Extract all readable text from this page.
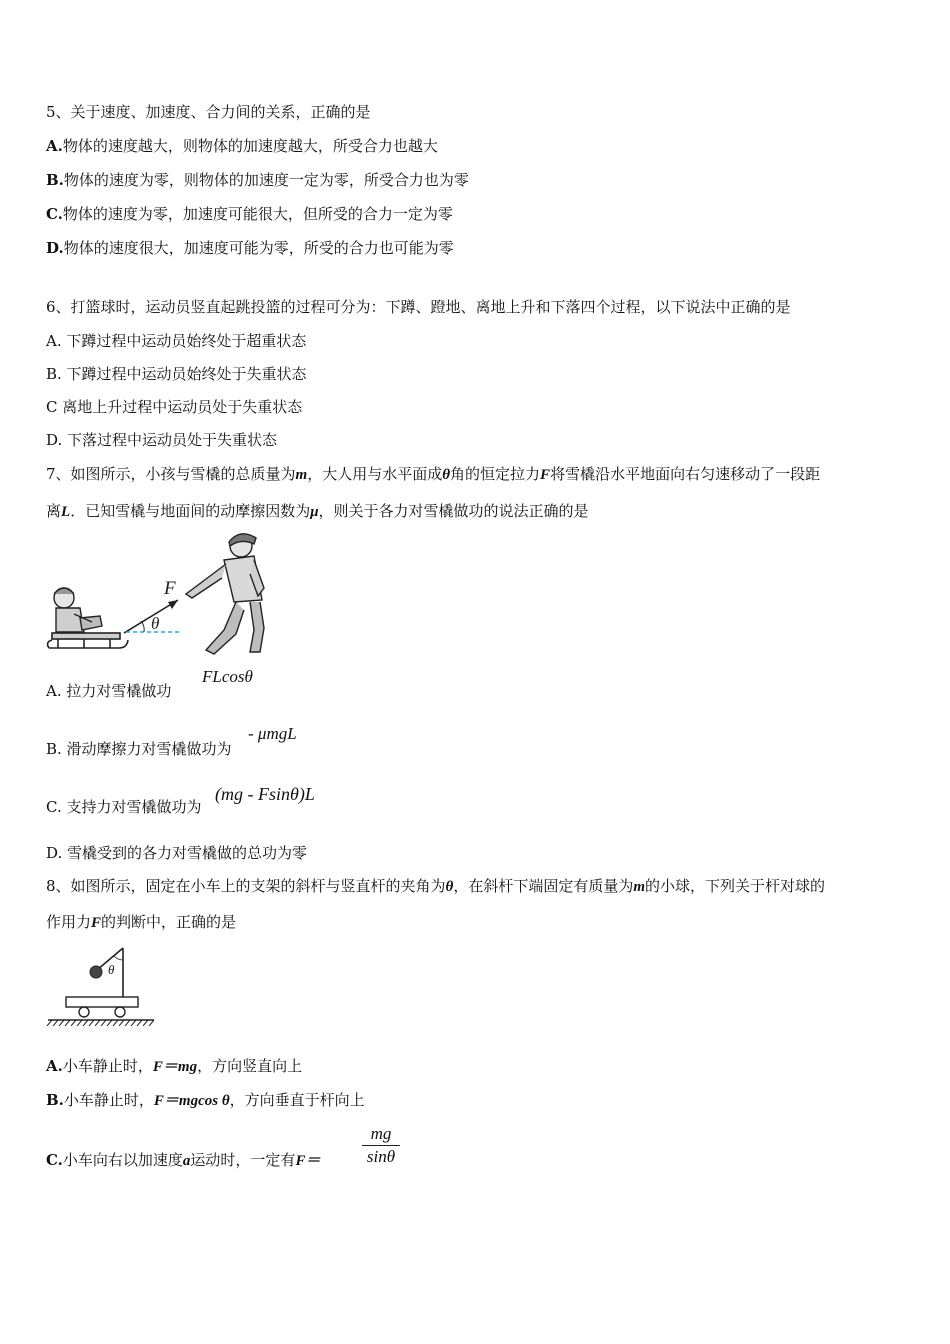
5、关于速度、加速度、合力间的关系，正确的是
A.物体的速度越大，则物体的加速度越大，所受合力也越大
B.物体的速度为零，则物体的加速度一定为零，所受合力也为零
C.物体的速度为零，加速度可能很大，但所受的合力一定为零
D.物体的速度很大，加速度可能为零，所受的合力也可能为零
6、打篮球时，运动员竖直起跳投篮的过程可分为：下蹲、蹬地、离地上升和下落四个过程，以下说法中正确的是
A. 下蹲过程中运动员始终处于超重状态
B. 下蹲过程中运动员始终处于失重状态
C 离地上升过程中运动员处于失重状态
D. 下落过程中运动员处于失重状态
7、如图所示，小孩与雪橇的总质量为m，大人用与水平面成θ角的恒定拉力F将雪橇沿水平地面向右匀速移动了一段距
离L．已知雪橇与地面间的动摩擦因数为μ，则关于各力对雪橇做功的说法正确的是
F
θ
A. 拉力对雪橇做功
FLcosθ
B. 滑动摩擦力对雪橇做功为
- μmgL
C. 支持力对雪橇做功为
(mg - Fsinθ)L
D. 雪橇受到的各力对雪橇做的总功为零
8、如图所示，固定在小车上的支架的斜杆与竖直杆的夹角为θ，在斜杆下端固定有质量为m的小球，下列关于杆对球的
作用力F的判断中，正确的是
θ
A.小车静止时，F＝mg，方向竖直向上
B.小车静止时，F＝mgcos θ，方向垂直于杆向上
C.小车向右以加速度a运动时，一定有F＝
mg
sinθ
